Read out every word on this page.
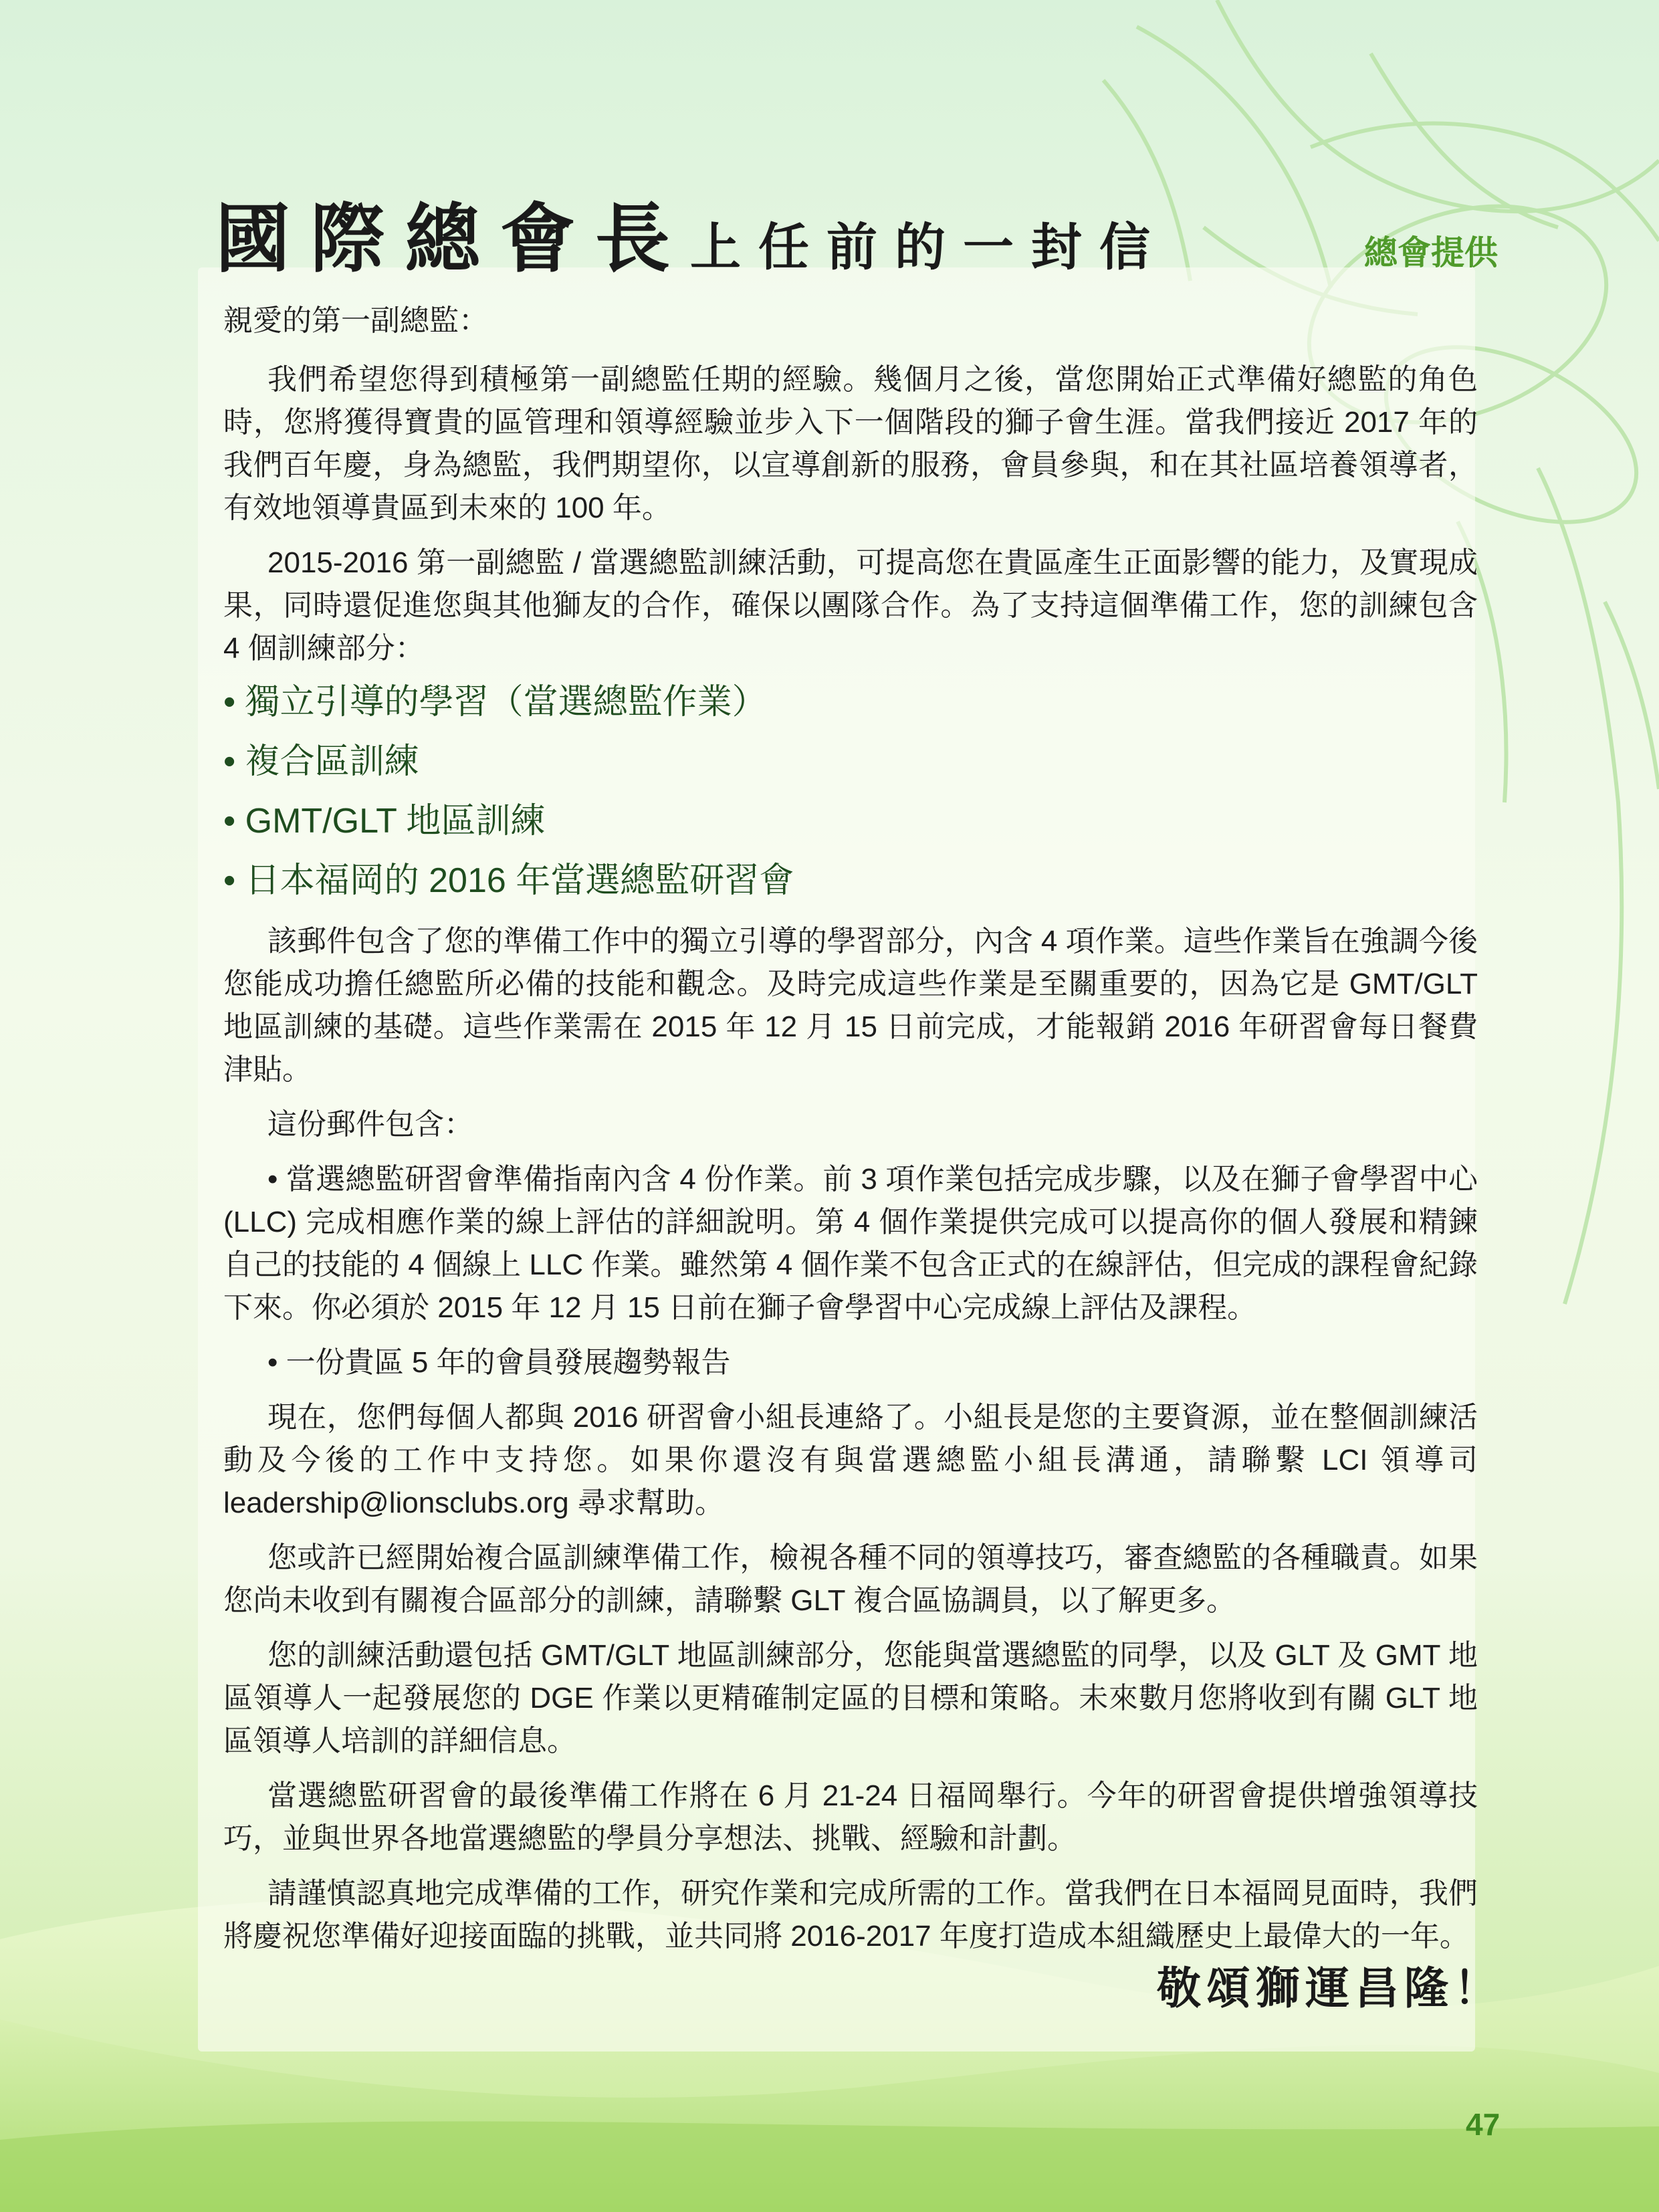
國際總會長上任前的一封信	總會提供

親愛的第一副總監：

我們希望您得到積極第一副總監任期的經驗。幾個月之後，當您開始正式準備好總監的角色時，您將獲得寶貴的區管理和領導經驗並步入下一個階段的獅子會生涯。當我們接近 2017 年的我們百年慶，身為總監，我們期望你，以宣導創新的服務，會員參與，和在其社區培養領導者，有效地領導貴區到未來的 100 年。

2015-2016 第一副總監 / 當選總監訓練活動，可提高您在貴區產生正面影響的能力，及實現成果，同時還促進您與其他獅友的合作，確保以團隊合作。為了支持這個準備工作，您的訓練包含 4 個訓練部分：

• 獨立引導的學習（當選總監作業）
• 複合區訓練
• GMT/GLT 地區訓練
• 日本福岡的 2016 年當選總監研習會

該郵件包含了您的準備工作中的獨立引導的學習部分，內含 4 項作業。這些作業旨在強調今後您能成功擔任總監所必備的技能和觀念。及時完成這些作業是至關重要的，因為它是 GMT/GLT 地區訓練的基礎。這些作業需在 2015 年 12 月 15 日前完成，才能報銷 2016 年研習會每日餐費津貼。

這份郵件包含：

• 當選總監研習會準備指南內含 4 份作業。前 3 項作業包括完成步驟，以及在獅子會學習中心 (LLC) 完成相應作業的線上評估的詳細說明。第 4 個作業提供完成可以提高你的個人發展和精鍊自己的技能的 4 個線上 LLC 作業。雖然第 4 個作業不包含正式的在線評估，但完成的課程會紀錄下來。你必須於 2015 年 12 月 15 日前在獅子會學習中心完成線上評估及課程。

• 一份貴區 5 年的會員發展趨勢報告

現在，您們每個人都與 2016 研習會小組長連絡了。小組長是您的主要資源，並在整個訓練活動及今後的工作中支持您。如果你還沒有與當選總監小組長溝通，請聯繫 LCI 領導司 leadership@lionsclubs.org 尋求幫助。

您或許已經開始複合區訓練準備工作，檢視各種不同的領導技巧，審查總監的各種職責。如果您尚未收到有關複合區部分的訓練，請聯繫 GLT 複合區協調員，以了解更多。

您的訓練活動還包括 GMT/GLT 地區訓練部分，您能與當選總監的同學，以及 GLT 及 GMT 地區領導人一起發展您的 DGE 作業以更精確制定區的目標和策略。未來數月您將收到有關 GLT 地區領導人培訓的詳細信息。

當選總監研習會的最後準備工作將在 6 月 21-24 日福岡舉行。今年的研習會提供增強領導技巧，並與世界各地當選總監的學員分享想法、挑戰、經驗和計劃。

請謹慎認真地完成準備的工作，研究作業和完成所需的工作。當我們在日本福岡見面時，我們將慶祝您準備好迎接面臨的挑戰，並共同將 2016-2017 年度打造成本組織歷史上最偉大的一年。

敬頌獅運昌隆！
47
